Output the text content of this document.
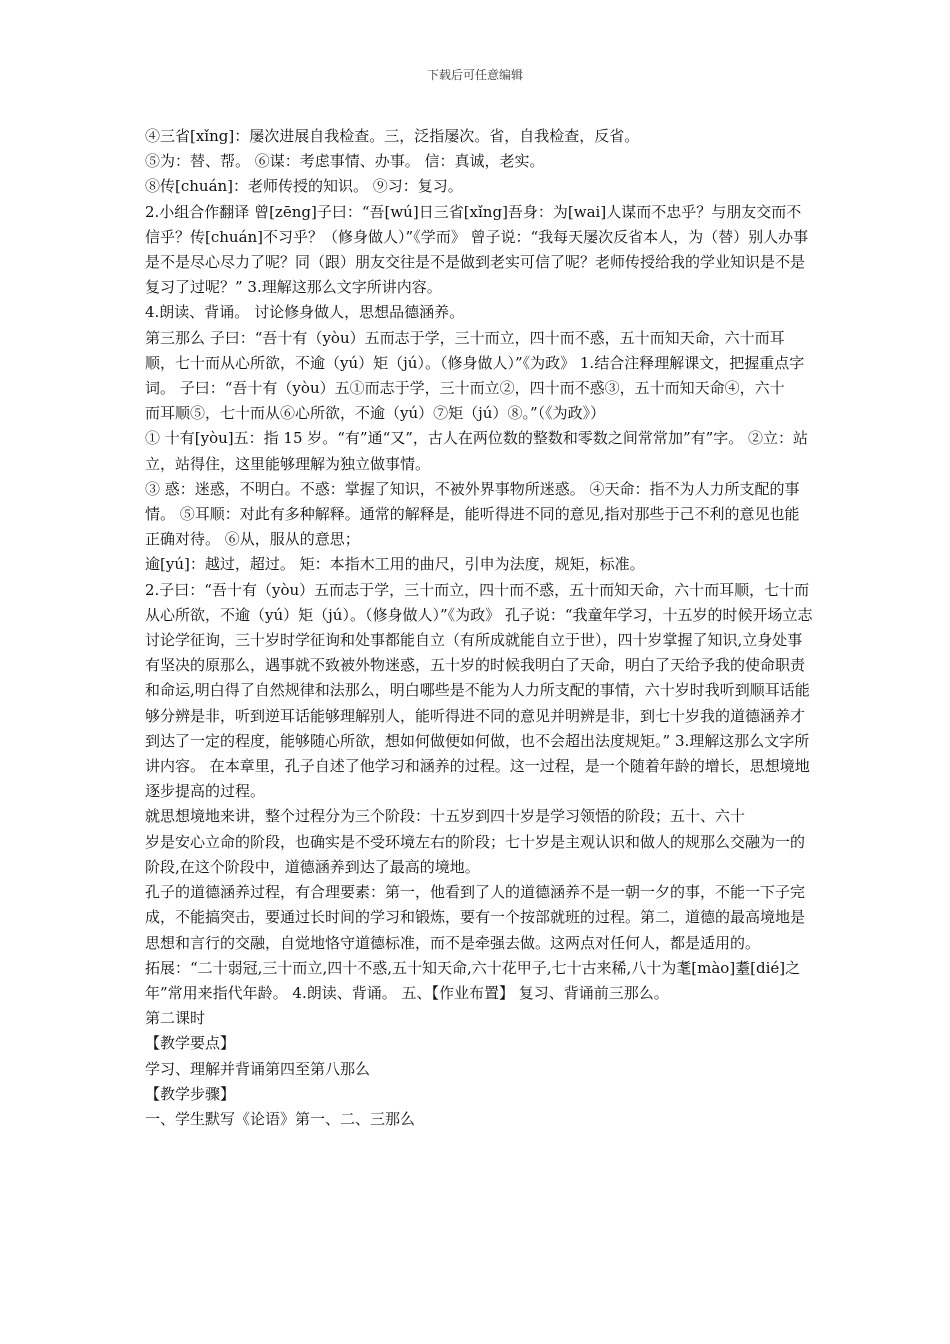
下载后可任意编辑

④三省[xǐng]：屡次进展自我检查。三，泛指屡次。省，自我检查，反省。

⑤为：替、帮。 ⑥谋：考虑事情、办事。 信：真诚，老实。

⑧传[chuán]：老师传授的知识。 ⑨习：复习。

2.小组合作翻译 曾[zēng]子曰：“吾[wú]日三省[xǐng]吾身：为[wai]人谋而不忠乎？与朋友交而不信乎？传[chuán]不习乎？（修身做人）”《学而》 曾子说：“我每天屡次反省本人，为（替）别人办事是不是尽心尽力了呢？同（跟）朋友交往是不是做到老实可信了呢？老师传授给我的学业知识是不是复习了过呢？” 3.理解这那么文字所讲内容。

4.朗读、背诵。 讨论修身做人，思想品德涵养。

第三那么 子曰：“吾十有（yòu）五而志于学，三十而立，四十而不惑，五十而知天命，六十而耳顺，七十而从心所欲，不逾（yú）矩（jú）。（修身做人）”《为政》 1.结合注释理解课文，把握重点字词。 子曰：“吾十有（yòu）五①而志于学，三十而立②，四十而不惑③，五十而知天命④，六十

而耳顺⑤，七十而从⑥心所欲，不逾（yú）⑦矩（jú）⑧。”（《为政》）

① 十有[yòu]五：指 15 岁。“有”通“又”，古人在两位数的整数和零数之间常常加”有”字。 ②立：站立，站得住，这里能够理解为独立做事情。

③ 惑：迷惑，不明白。不惑：掌握了知识，不被外界事物所迷惑。 ④天命：指不为人力所支配的事情。 ⑤耳顺：对此有多种解释。通常的解释是，能听得进不同的意见,指对那些于己不利的意见也能正确对待。 ⑥从，服从的意思；

逾[yú]：越过，超过。 矩：本指木工用的曲尺，引申为法度，规矩，标准。

2.子曰：“吾十有（yòu）五而志于学，三十而立，四十而不惑，五十而知天命，六十而耳顺，七十而从心所欲，不逾（yú）矩（jú）。（修身做人）”《为政》 孔子说：“我童年学习，十五岁的时候开场立志讨论学征询，三十岁时学征询和处事都能自立（有所成就能自立于世），四十岁掌握了知识,立身处事有坚决的原那么，遇事就不致被外物迷惑，五十岁的时候我明白了天命，明白了天给予我的使命职责和命运,明白得了自然规律和法那么，明白哪些是不能为人力所支配的事情，六十岁时我听到顺耳话能够分辨是非，听到逆耳话能够理解别人，能听得进不同的意见并明辨是非，到七十岁我的道德涵养才到达了一定的程度，能够随心所欲，想如何做便如何做，也不会超出法度规矩。” 3.理解这那么文字所讲内容。 在本章里，孔子自述了他学习和涵养的过程。这一过程，是一个随着年龄的增长，思想境地逐步提高的过程。

就思想境地来讲，整个过程分为三个阶段：十五岁到四十岁是学习领悟的阶段；五十、六十

岁是安心立命的阶段，也确实是不受环境左右的阶段；七十岁是主观认识和做人的规那么交融为一的阶段,在这个阶段中，道德涵养到达了最高的境地。

孔子的道德涵养过程，有合理要素：第一，他看到了人的道德涵养不是一朝一夕的事，不能一下子完成，不能搞突击，要通过长时间的学习和锻炼，要有一个按部就班的过程。第二，道德的最高境地是思想和言行的交融，自觉地恪守道德标准，而不是牵强去做。这两点对任何人，都是适用的。

拓展：“二十弱冠,三十而立,四十不惑,五十知天命,六十花甲子,七十古来稀,八十为耄[mào]耋[dié]之年”常用来指代年龄。 4.朗读、背诵。 五、【作业布置】 复习、背诵前三那么。

第二课时

【教学要点】

学习、理解并背诵第四至第八那么

【教学步骤】

一、学生默写《论语》第一、二、三那么
